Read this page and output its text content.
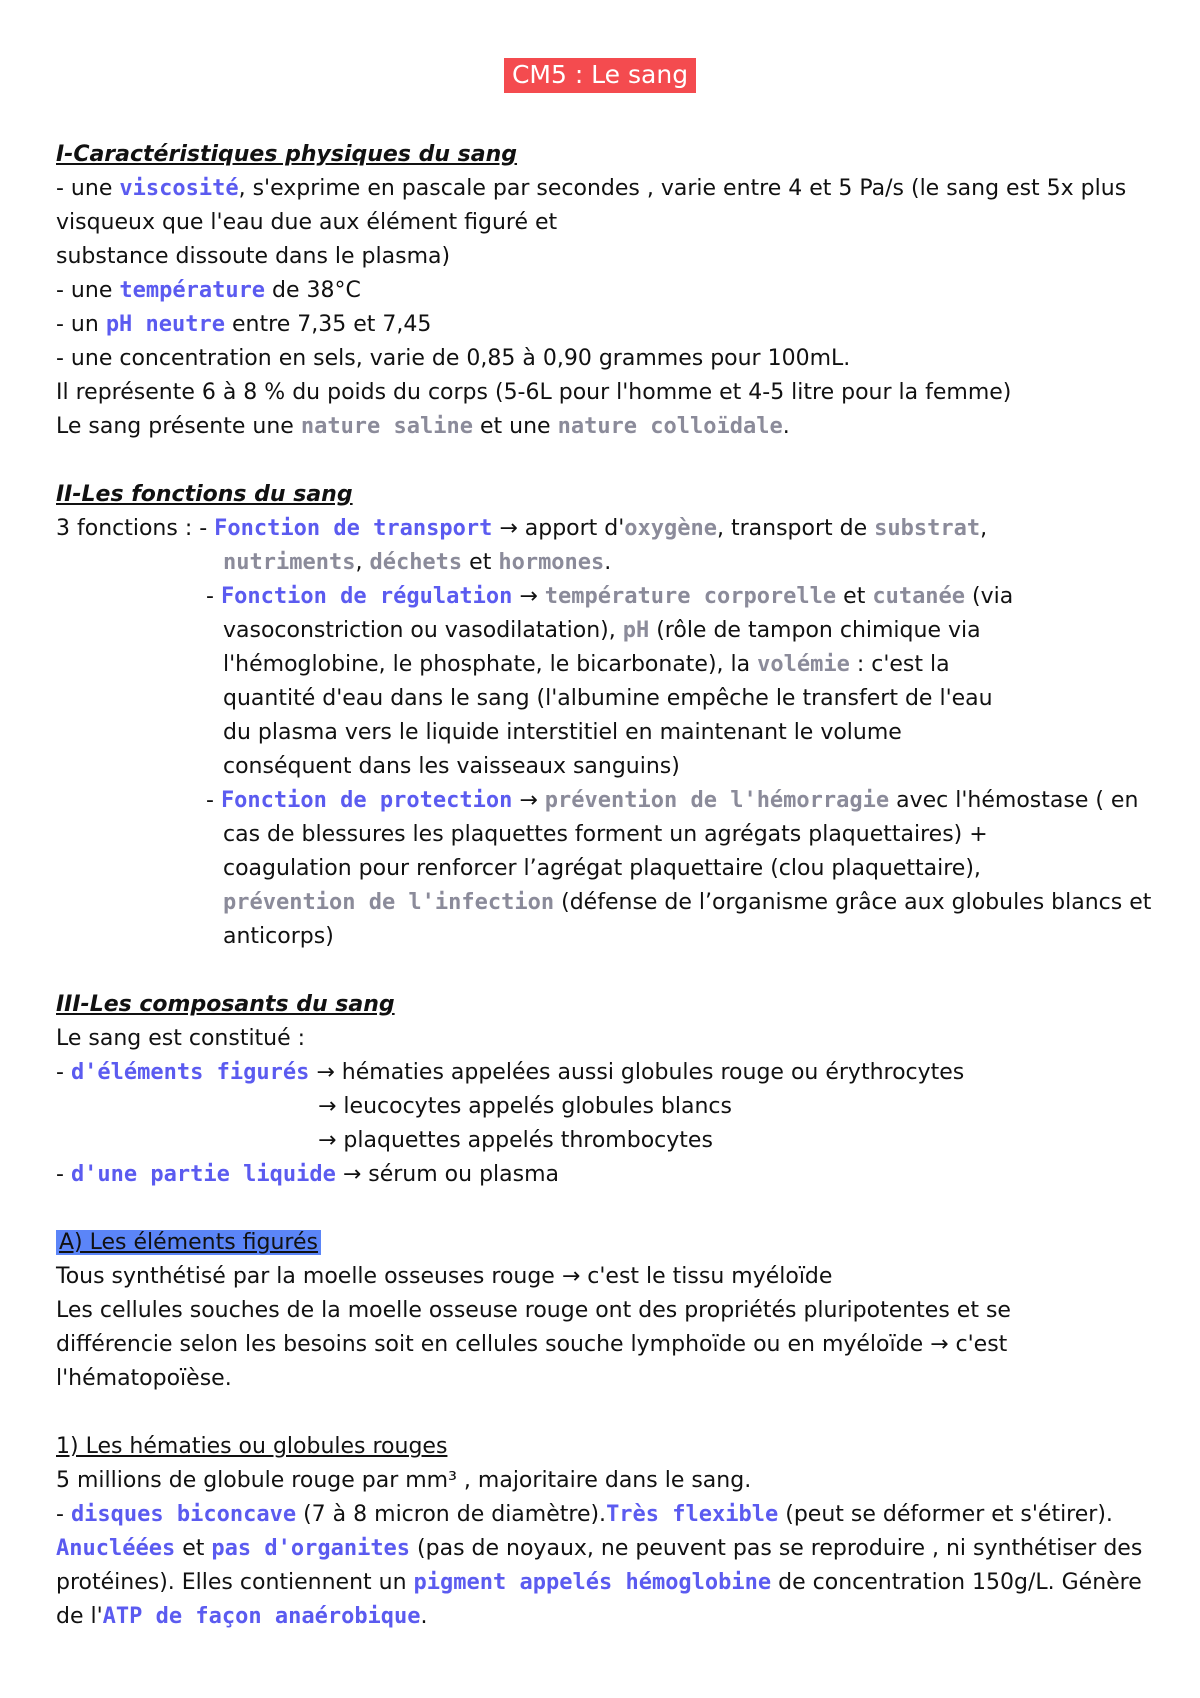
CM5 : Le sang
I-Caractéristiques physiques du sang
- une viscosité, s'exprime en pascale par secondes , varie entre 4 et 5 Pa/s (le sang est 5x plus
visqueux que l'eau due aux élément figuré et
substance dissoute dans le plasma)
- une température de 38°C
- un pH neutre entre 7,35 et 7,45
- une concentration en sels, varie de 0,85 à 0,90 grammes pour 100mL.
Il représente 6 à 8 % du poids du corps (5-6L pour l'homme et 4-5 litre pour la femme)
Le sang présente une nature saline et une nature colloïdale.
II-Les fonctions du sang
3 fonctions : - Fonction de transport → apport d'oxygène, transport de substrat,
nutriments, déchets et hormones.
- Fonction de régulation → température corporelle et cutanée (via
vasoconstriction ou vasodilatation), pH (rôle de tampon chimique via
l'hémoglobine, le phosphate, le bicarbonate), la volémie : c'est la
quantité d'eau dans le sang (l'albumine empêche le transfert de l'eau
du plasma vers le liquide interstitiel en maintenant le volume
conséquent dans les vaisseaux sanguins)
- Fonction de protection → prévention de l'hémorragie avec l'hémostase ( en
cas de blessures les plaquettes forment un agrégats plaquettaires) +
coagulation pour renforcer l’agrégat plaquettaire (clou plaquettaire),
prévention de l'infection (défense de l’organisme grâce aux globules blancs et
anticorps)
III-Les composants du sang
Le sang est constitué :
- d'éléments figurés → hématies appelées aussi globules rouge ou érythrocytes
→ leucocytes appelés globules blancs
→ plaquettes appelés thrombocytes
- d'une partie liquide → sérum ou plasma
A) Les éléments figurés
Tous synthétisé par la moelle osseuses rouge → c'est le tissu myéloïde
Les cellules souches de la moelle osseuse rouge ont des propriétés pluripotentes et se
différencie selon les besoins soit en cellules souche lymphoïde ou en myéloïde → c'est
l'hématopoïèse.
1) Les hématies ou globules rouges
5 millions de globule rouge par mm³ , majoritaire dans le sang.
- disques biconcave (7 à 8 micron de diamètre).Très flexible (peut se déformer et s'étirer).
Anucléées et pas d'organites (pas de noyaux, ne peuvent pas se reproduire , ni synthétiser des
protéines). Elles contiennent un pigment appelés hémoglobine de concentration 150g/L. Génère
de l'ATP de façon anaérobique.
